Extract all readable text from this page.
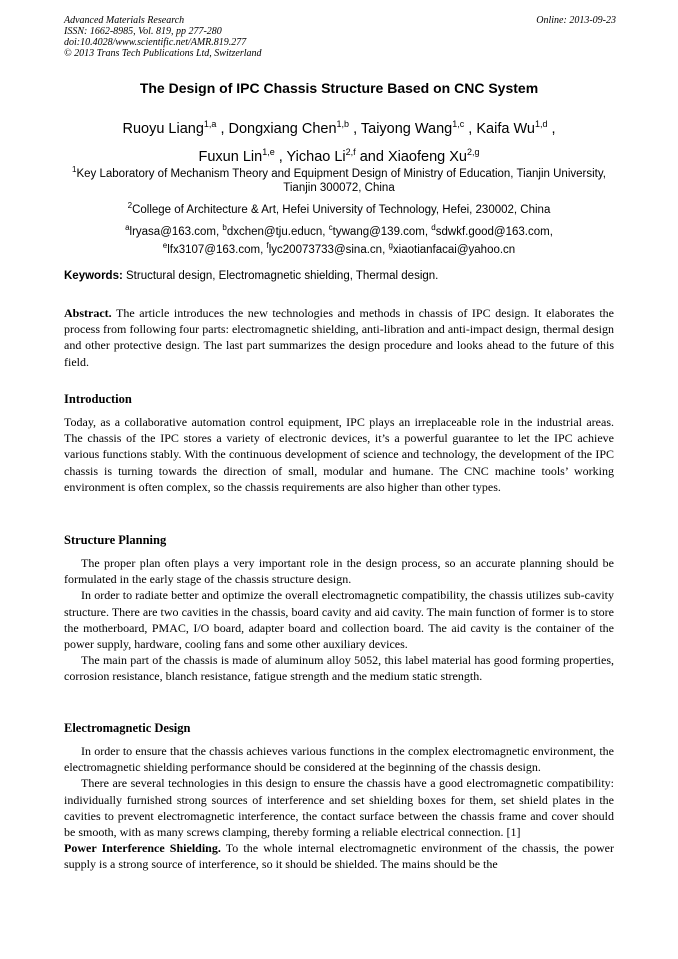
Advanced Materials Research
ISSN: 1662-8985, Vol. 819, pp 277-280
doi:10.4028/www.scientific.net/AMR.819.277
© 2013 Trans Tech Publications Ltd, Switzerland
Online: 2013-09-23
The Design of IPC Chassis Structure Based on CNC System
Ruoyu Liang$^{1,a}$ , Dongxiang Chen$^{1,b}$ , Taiyong Wang$^{1,c}$ , Kaifa Wu$^{1,d}$ ,
Fuxun Lin$^{1,e}$ , Yichao Li$^{2,f}$ and Xiaofeng Xu$^{2,g}$
$^1$Key Laboratory of Mechanism Theory and Equipment Design of Ministry of Education, Tianjin University, Tianjin 300072, China
$^2$College of Architecture & Art, Hefei University of Technology, Hefei, 230002, China
$^a$lryasa@163.com, $^b$dxchen@tju.educn, $^c$tywang@139.com, $^d$sdwkf.good@163.com,
$^e$lfx3107@163.com, $^f$lyc20073733@sina.cn, $^g$xiaotianfacai@yahoo.cn
Keywords: Structural design, Electromagnetic shielding, Thermal design.

Abstract. The article introduces the new technologies and methods in chassis of IPC design. It elaborates the process from following four parts: electromagnetic shielding, anti-libration and anti-impact design, thermal design and other protective design. The last part summarizes the design procedure and looks ahead to the future of this field.

Introduction

Today, as a collaborative automation control equipment, IPC plays an irreplaceable role in the industrial areas. The chassis of the IPC stores a variety of electronic devices, it’s a powerful guarantee to let the IPC achieve various functions stably. With the continuous development of science and technology, the development of the IPC chassis is turning towards the direction of small, modular and humane. The CNC machine tools’ working environment is often complex, so the chassis requirements are also higher than other types.

Structure Planning

The proper plan often plays a very important role in the design process, so an accurate planning should be formulated in the early stage of the chassis structure design.

In order to radiate better and optimize the overall electromagnetic compatibility, the chassis utilizes sub-cavity structure. There are two cavities in the chassis, board cavity and aid cavity. The main function of former is to store the motherboard, PMAC, I/O board, adapter board and collection board. The aid cavity is the container of the power supply, hardware, cooling fans and some other auxiliary devices.

The main part of the chassis is made of aluminum alloy 5052, this label material has good forming properties, corrosion resistance, blanch resistance, fatigue strength and the medium static strength.

Electromagnetic Design

In order to ensure that the chassis achieves various functions in the complex electromagnetic environment, the electromagnetic shielding performance should be considered at the beginning of the chassis design.

There are several technologies in this design to ensure the chassis have a good electromagnetic compatibility: individually furnished strong sources of interference and set shielding boxes for them, set shield plates in the cavities to prevent electromagnetic interference, the contact surface between the chassis frame and cover should be smooth, with as many screws clamping, thereby forming a reliable electrical connection. [1]

Power Interference Shielding. To the whole internal electromagnetic environment of the chassis, the power supply is a strong source of interference, so it should be shielded. The mains should be the
